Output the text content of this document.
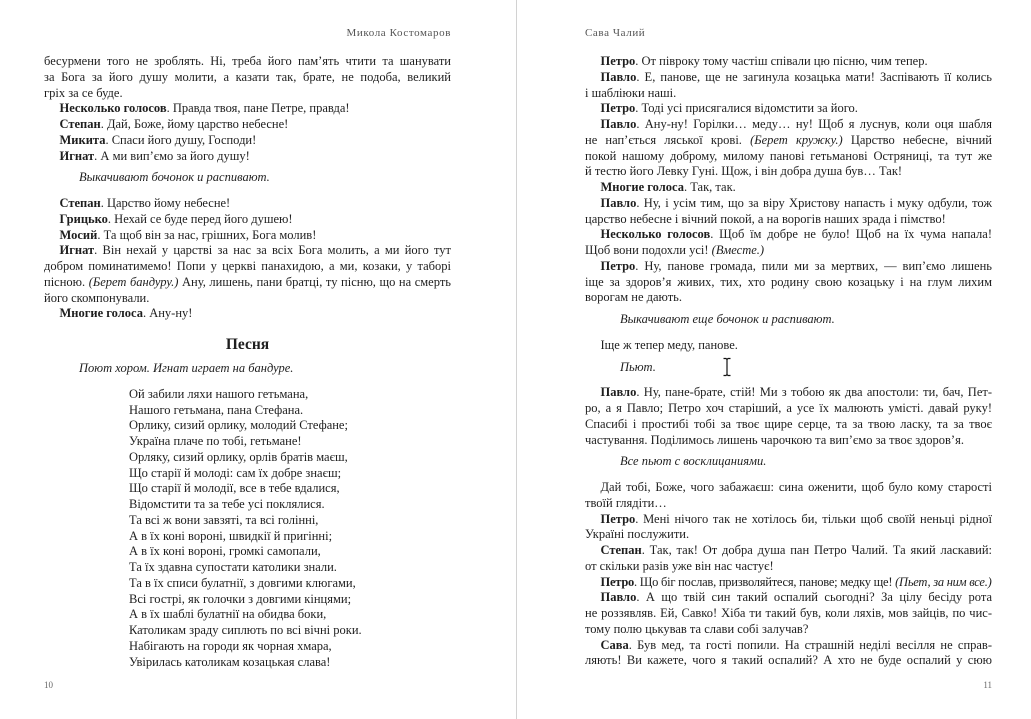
Микола Костомаров
бесурмени того не зроблять. Ні, треба його пам’ять чтити та шанувати
за Бога за його душу молити, а казати так, брате, не подоба, великий
гріх за се буде.
Несколько голосов. Правда твоя, пане Петре, правда!
Степан. Дай, Боже, йому царство небесне!
Микита. Спаси його душу, Господи!
Игнат. А ми вип’ємо за його душу!
Выкачивают бочонок и распивают.
Степан. Царство йому небесне!
Грицько. Нехай се буде перед його душею!
Мосий. Та щоб він за нас, грішних, Бога молив!
Игнат. Він нехай у царстві за нас за всіх Бога молить, а ми його тут
добром поминатимемо! Попи у церкві панахидою, а ми, козаки, у таборі
пісною. (Берет бандуру.) Ану, лишень, пани братці, ту пісню, що на смерть
його скомпонували.
Многие голоса. Ану-ну!
Песня
Поют хором. Игнат играет на бандуре.
Ой забили ляхи нашого гетьмана,
Нашого гетьмана, пана Стефана.
Орлику, сизий орлику, молодий Стефане;
Україна плаче по тобі, гетьмане!
Орляку, сизий орлику, орлів братів маєш,
Що старії й молоді: сам їх добре знаєш;
Що старії й молодії, все в тебе вдалися,
Відомстити та за тебе усі поклялися.
Та всі ж вони завзяті, та всі голінні,
А в їх коні вороні, швидкії й пригінні;
А в їх коні вороні, громкі самопали,
Та їх здавна супостати католики знали.
Та в їх списи булатнії, з довгими клюгами,
Всі гострі, як голочки з довгими кінцями;
А в їх шаблі булатнії на обидва боки,
Католикам зраду сиплють по всі вічні роки.
Набігають на городи як чорная хмара,
Увірилась католикам козацькая слава!
10
Сава Чалий
Петро. От півроку тому частіш співали цю пісню, чим тепер.
Павло. Е, панове, ще не загинула козацька мати! Заспівають її колись
і шабліюки наші.
Петро. Тоді усі присягалися відомстити за його.
Павло. Ану-ну! Горілки… меду… ну! Щоб я луснув, коли оця шабля
не нап’ється ляської крові. (Берет кружку.) Царство небесне, вічний
покой нашому доброму, милому панові гетьманові Остряниці, та тут же
й тестю його Левку Гуні. Щож, і він добра душа був… Так!
Многие голоса. Так, так.
Павло. Ну, і усім тим, що за віру Христову напасть і муку одбули, тож
царство небесне і вічний покой, а на ворогів наших зрада і пімство!
Несколько голосов. Щоб їм добре не було! Щоб на їх чума напала!
Щоб вони подохли усі! (Вместе.)
Петро. Ну, панове громада, пили ми за мертвих, — вип’ємо лишень
іще за здоров’я живих, тих, хто родину свою козацьку і на глум лихим
ворогам не дають.
Выкачивают еще бочонок и распивают.
Іще ж тепер меду, панове.
Пьют.
Павло. Ну, пане-брате, стій! Ми з тобою як два апостоли: ти, бач, Пет-
ро, а я Павло; Петро хоч старіший, а усе їх малюють умісті. давай руку!
Спасибі і простибі тобі за твоє щире серце, та за твою ласку, та за твоє
частування. Поділимось лишень чарочкою та вип’ємо за твоє здоров’я.
Все пьют с восклицаниями.
Дай тобі, Боже, чого забажаєш: сина оженити, щоб було кому старості
твоїй глядіти…
Петро. Мені нічого так не хотілось би, тільки щоб своїй неньці рідної
Україні послужити.
Степан. Так, так! От добра душа пан Петро Чалий. Та який ласкавий:
от скільки разів уже він нас частує!
Петро. Що біг послав, призволяйтеся, панове; медку ще! (Пьет, за ним все.)
Павло. А що твій син такий оспалий сьогодні? За цілу бесіду рота
не роззявляв. Ей, Савко! Хіба ти такий був, коли ляхів, мов зайців, по чис-
тому полю цькував та слави собі залучав?
Сава. Був мед, та гості попили. На страшній неділі весілля не справ-
ляють! Ви кажете, чого я такий оспалий? А хто не буде оспалий у сюю
11
